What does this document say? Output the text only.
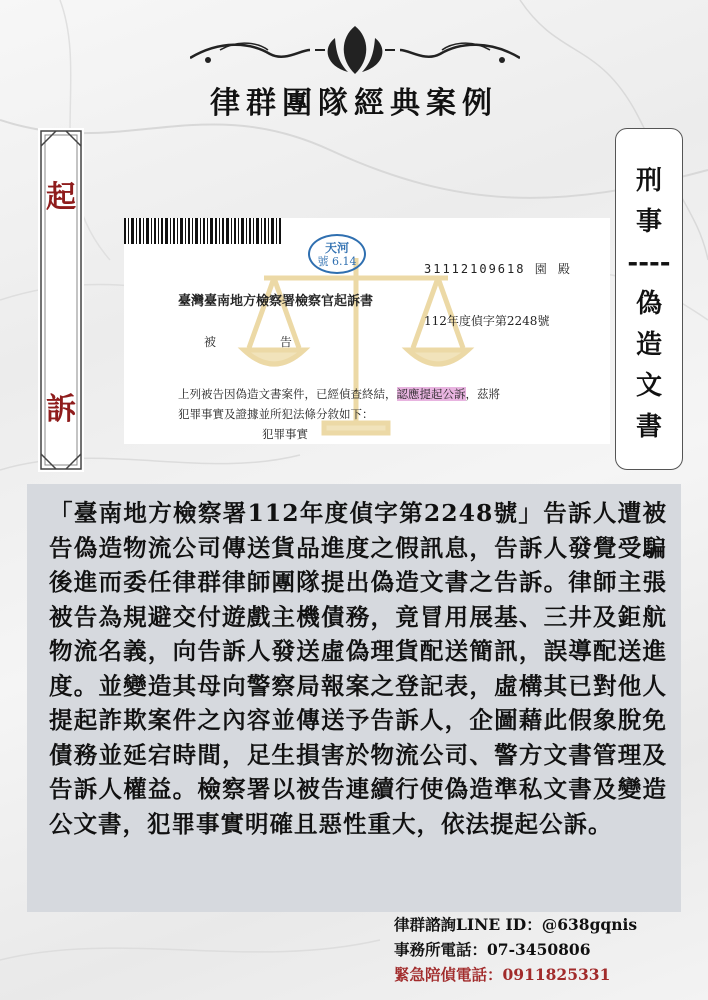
律群團隊經典案例
起
訴
刑
事
----
偽
造
文
書
天河
號 6.14
31112109618 園 殿
臺灣臺南地方檢察署檢察官起訴書
112年度偵字第2248號
被 告
上列被告因偽造文書案件，已經偵查終結，認應提起公訴，茲將
犯罪事實及證據並所犯法條分敘如下：
犯罪事實
「臺南地方檢察署112年度偵字第2248號」告訴人遭被告偽造物流公司傳送貨品進度之假訊息，告訴人發覺受騙後進而委任律群律師團隊提出偽造文書之告訴。律師主張被告為規避交付遊戲主機債務，竟冒用展基、三井及鉅航物流名義，向告訴人發送虛偽理貨配送簡訊，誤導配送進度。並變造其母向警察局報案之登記表，虛構其已對他人提起詐欺案件之內容並傳送予告訴人，企圖藉此假象脫免債務並延宕時間，足生損害於物流公司、警方文書管理及告訴人權益。檢察署以被告連續行使偽造準私文書及變造公文書，犯罪事實明確且惡性重大，依法提起公訴。
律群諮詢LINE ID：@638gqnis
事務所電話：07-3450806
緊急陪偵電話：0911825331
